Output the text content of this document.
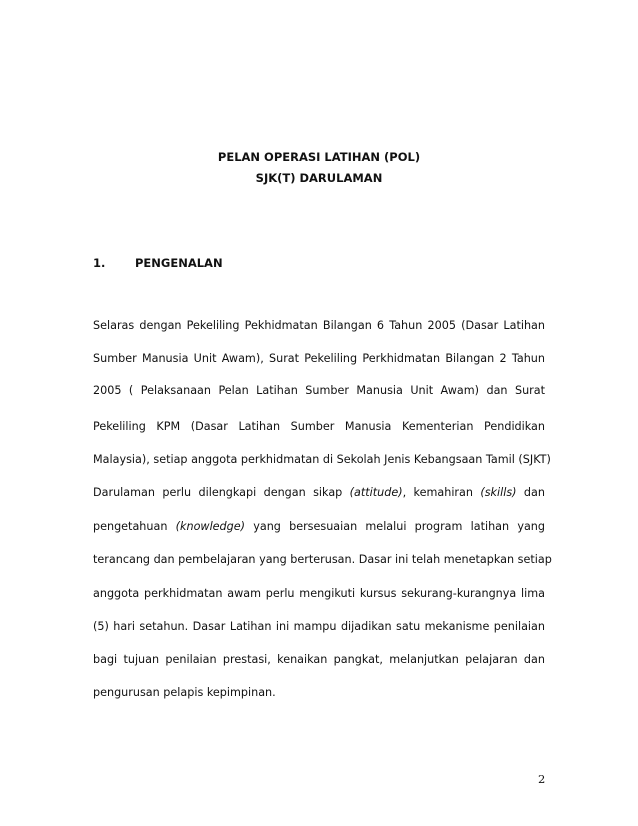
PELAN OPERASI LATIHAN (POL)
SJK(T) DARULAMAN
1.	PENGENALAN
Selaras dengan Pekeliling Pekhidmatan Bilangan 6 Tahun 2005 (Dasar Latihan
Sumber Manusia Unit Awam), Surat Pekeliling Perkhidmatan Bilangan 2 Tahun
2005 ( Pelaksanaan Pelan Latihan Sumber Manusia Unit Awam) dan Surat
Pekeliling KPM (Dasar Latihan Sumber Manusia Kementerian Pendidikan
Malaysia), setiap anggota perkhidmatan di Sekolah Jenis Kebangsaan Tamil (SJKT)
Darulaman perlu dilengkapi dengan sikap (attitude), kemahiran (skills) dan
pengetahuan (knowledge) yang bersesuaian melalui program latihan yang
terancang dan pembelajaran yang berterusan. Dasar ini telah menetapkan setiap
anggota perkhidmatan awam perlu mengikuti kursus sekurang-kurangnya lima
(5) hari setahun. Dasar Latihan ini mampu dijadikan satu mekanisme penilaian
bagi tujuan penilaian prestasi, kenaikan pangkat, melanjutkan pelajaran dan
pengurusan pelapis kepimpinan.
2
